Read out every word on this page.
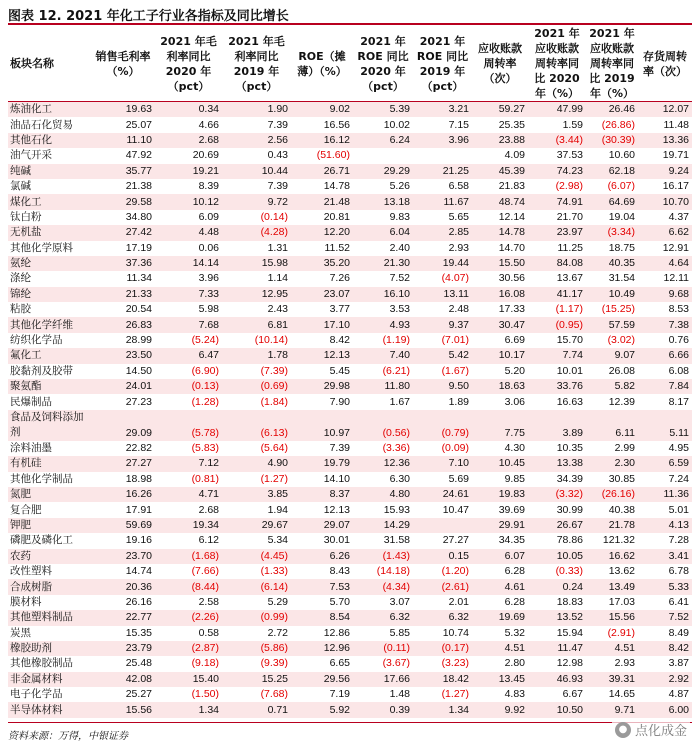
图表 12. 2021 年化工子行业各指标及同比增长
板块名称	销售毛利率（%）	2021 年毛利率同比 2020 年（pct）	2021 年毛利率同比 2019 年（pct）	ROE（摊薄）（%）	2021 年 ROE 同比 2020 年（pct）	2021 年 ROE 同比 2019 年（pct）	应收账款周转率（次）	2021 年应收账款周转率同比 2020 年（%）	2021 年应收账款周转率同比 2019 年（%）	存货周转率（次）
炼油化工	19.63	0.34	1.90	9.02	5.39	3.21	59.27	47.99	26.46	12.07
油品石化贸易	25.07	4.66	7.39	16.56	10.02	7.15	25.35	1.59	(26.86)	11.48
其他石化	11.10	2.68	2.56	16.12	6.24	3.96	23.88	(3.44)	(30.39)	13.36
油气开采	47.92	20.69	0.43	(51.60)			4.09	37.53	10.60	19.71
纯碱	35.77	19.21	10.44	26.71	29.29	21.25	45.39	74.23	62.18	9.24
氯碱	21.38	8.39	7.39	14.78	5.26	6.58	21.83	(2.98)	(6.07)	16.17
煤化工	29.58	10.12	9.72	21.48	13.18	11.67	48.74	74.91	64.69	10.70
钛白粉	34.80	6.09	(0.14)	20.81	9.83	5.65	12.14	21.70	19.04	4.37
无机盐	27.42	4.48	(4.28)	12.20	6.04	2.85	14.78	23.97	(3.34)	6.62
其他化学原料	17.19	0.06	1.31	11.52	2.40	2.93	14.70	11.25	18.75	12.91
氨纶	37.36	14.14	15.98	35.20	21.30	19.44	15.50	84.08	40.35	4.64
涤纶	11.34	3.96	1.14	7.26	7.52	(4.07)	30.56	13.67	31.54	12.11
锦纶	21.33	7.33	12.95	23.07	16.10	13.11	16.08	41.17	10.49	9.68
粘胶	20.54	5.98	2.43	3.77	3.53	2.48	17.33	(1.17)	(15.25)	8.53
其他化学纤维	26.83	7.68	6.81	17.10	4.93	9.37	30.47	(0.95)	57.59	7.38
纺织化学品	28.99	(5.24)	(10.14)	8.42	(1.19)	(7.01)	6.69	15.70	(3.02)	0.76
氟化工	23.50	6.47	1.78	12.13	7.40	5.42	10.17	7.74	9.07	6.66
胶黏剂及胶带	14.50	(6.90)	(7.39)	5.45	(6.21)	(1.67)	5.20	10.01	26.08	6.08
聚氨酯	24.01	(0.13)	(0.69)	29.98	11.80	9.50	18.63	33.76	5.82	7.84
民爆制品	27.23	(1.28)	(1.84)	7.90	1.67	1.89	3.06	16.63	12.39	8.17
食品及饲料添加剂	29.09	(5.78)	(6.13)	10.97	(0.56)	(0.79)	7.75	3.89	6.11	5.11
涂料油墨	22.82	(5.83)	(5.64)	7.39	(3.36)	(0.09)	4.30	10.35	2.99	4.95
有机硅	27.27	7.12	4.90	19.79	12.36	7.10	10.45	13.38	2.30	6.59
其他化学制品	18.98	(0.81)	(1.27)	14.10	6.30	5.69	9.85	34.39	30.85	7.24
氮肥	16.26	4.71	3.85	8.37	4.80	24.61	19.83	(3.32)	(26.16)	11.36
复合肥	17.91	2.68	1.94	12.13	15.93	10.47	39.69	30.99	40.38	5.01
钾肥	59.69	19.34	29.67	29.07	14.29		29.91	26.67	21.78	4.13
磷肥及磷化工	19.16	6.12	5.34	30.01	31.58	27.27	34.35	78.86	121.32	7.28
农药	23.70	(1.68)	(4.45)	6.26	(1.43)	0.15	6.07	10.05	16.62	3.41
改性塑料	14.74	(7.66)	(1.33)	8.43	(14.18)	(1.20)	6.28	(0.33)	13.62	6.78
合成树脂	20.36	(8.44)	(6.14)	7.53	(4.34)	(2.61)	4.61	0.24	13.49	5.33
膜材料	26.16	2.58	5.29	5.70	3.07	2.01	6.28	18.83	17.03	6.41
其他塑料制品	22.77	(2.26)	(0.99)	8.54	6.32	6.32	19.69	13.52	15.56	7.52
炭黑	15.35	0.58	2.72	12.86	5.85	10.74	5.32	15.94	(2.91)	8.49
橡胶助剂	23.79	(2.87)	(5.86)	12.96	(0.11)	(0.17)	4.51	11.47	4.51	8.42
其他橡胶制品	25.48	(9.18)	(9.39)	6.65	(3.67)	(3.23)	2.80	12.98	2.93	3.87
非金属材料	42.08	15.40	15.25	29.56	17.66	18.42	13.45	46.93	39.31	2.92
电子化学品	25.27	(1.50)	(7.68)	7.19	1.48	(1.27)	4.83	6.67	14.65	4.87
半导体材料	15.56	1.34	0.71	5.92	0.39	1.34	9.92	10.50	9.71	6.00
资料来源：万得，中银证券
● 点化成金
